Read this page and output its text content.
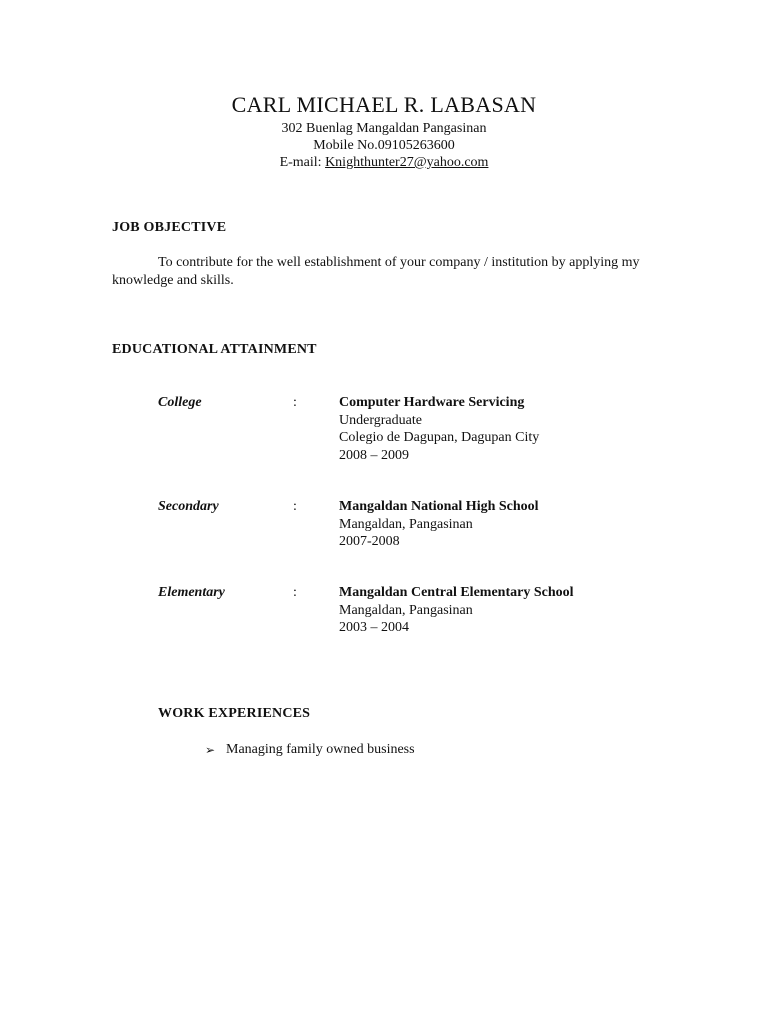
CARL MICHAEL R. LABASAN
302 Buenlag Mangaldan Pangasinan
Mobile No.09105263600
E-mail: Knighthunter27@yahoo.com
JOB OBJECTIVE
To contribute for the well establishment of your company / institution by applying my knowledge and skills.
EDUCATIONAL ATTAINMENT
College	:	Computer Hardware Servicing
Undergraduate
Colegio de Dagupan, Dagupan City
2008 – 2009
Secondary	:	Mangaldan National High School
Mangaldan, Pangasinan
2007-2008
Elementary	:	Mangaldan Central Elementary School
Mangaldan, Pangasinan
2003 – 2004
WORK EXPERIENCES
➢ Managing family owned business
